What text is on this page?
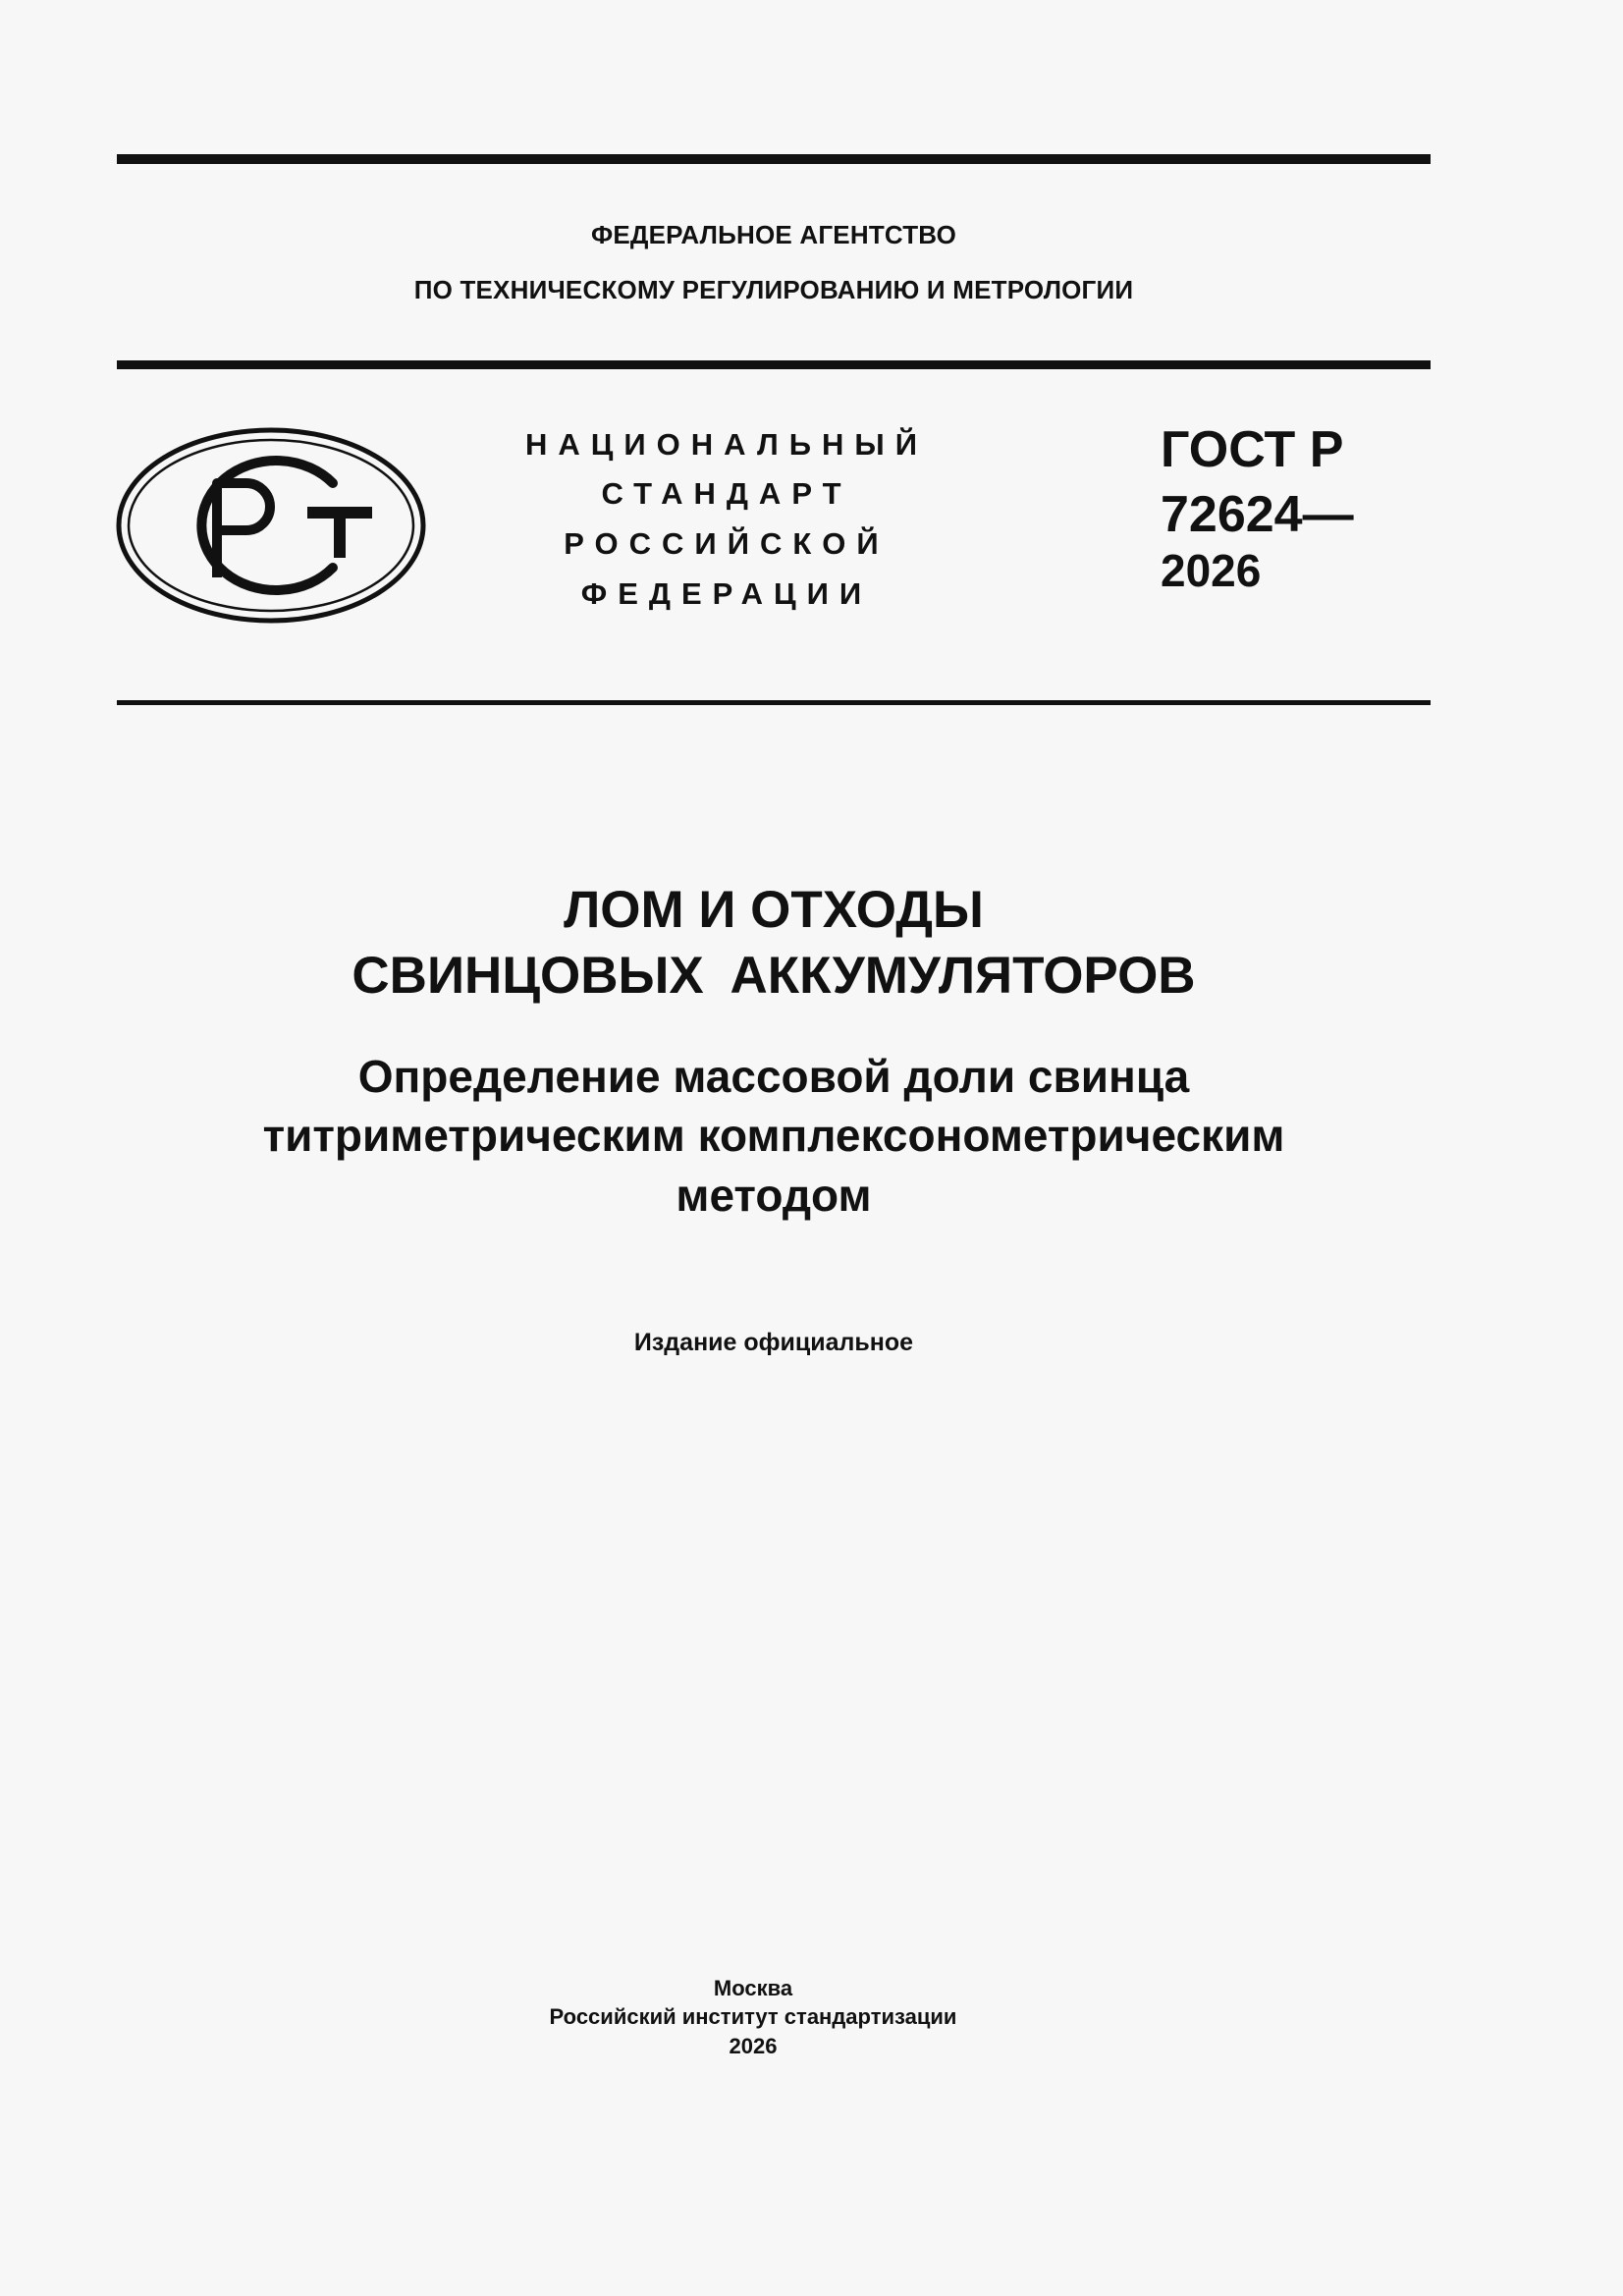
ФЕДЕРАЛЬНОЕ АГЕНТСТВО
ПО ТЕХНИЧЕСКОМУ РЕГУЛИРОВАНИЮ И МЕТРОЛОГИИ
НАЦИОНАЛЬНЫЙ
СТАНДАРТ
РОССИЙСКОЙ
ФЕДЕРАЦИИ
ГОСТ Р
72624—
2026
ЛОМ И ОТХОДЫ
СВИНЦОВЫХ АККУМУЛЯТОРОВ
Определение массовой доли свинца
титриметрическим комплексонометрическим
методом
Издание официальное
Москва
Российский институт стандартизации
2026
